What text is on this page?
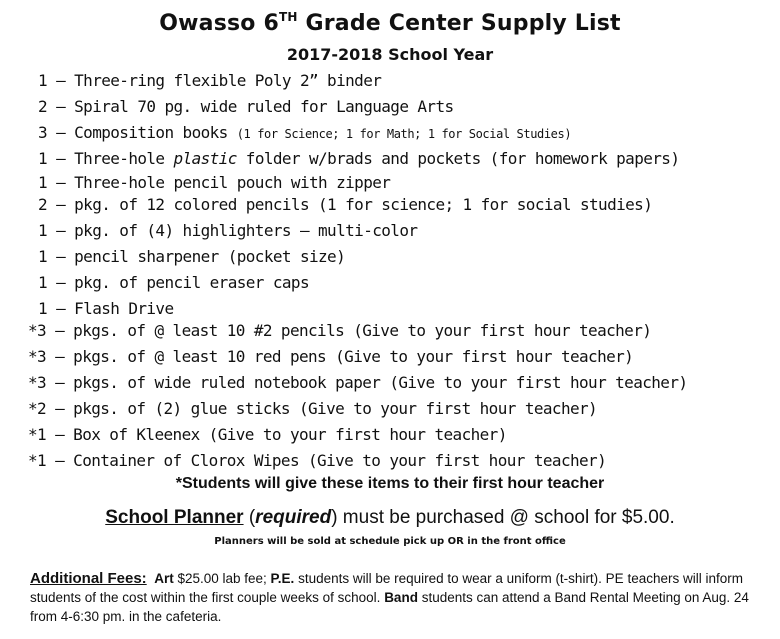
Owasso 6TH Grade Center Supply List
2017-2018 School Year
1 – Three-ring flexible Poly 2” binder
2 – Spiral 70 pg. wide ruled for Language Arts
3 – Composition books (1 for Science; 1 for Math; 1 for Social Studies)
1 – Three-hole plastic folder w/brads and pockets (for homework papers)
1 – Three-hole pencil pouch with zipper
2 – pkg. of 12 colored pencils (1 for science; 1 for social studies)
1 – pkg. of (4) highlighters – multi-color
1 – pencil sharpener (pocket size)
1 – pkg. of pencil eraser caps
1 – Flash Drive
*3 – pkgs. of @ least 10 #2 pencils (Give to your first hour teacher)
*3 – pkgs. of @ least 10 red pens (Give to your first hour teacher)
*3 – pkgs. of wide ruled notebook paper (Give to your first hour teacher)
*2 – pkgs. of (2) glue sticks (Give to your first hour teacher)
*1 – Box of Kleenex (Give to your first hour teacher)
*1 – Container of Clorox Wipes (Give to your first hour teacher)
*Students will give these items to their first hour teacher
School Planner (required) must be purchased @ school for $5.00.
Planners will be sold at schedule pick up OR in the front office
Additional Fees: Art $25.00 lab fee; P.E. students will be required to wear a uniform (t-shirt). PE teachers will inform students of the cost within the first couple weeks of school. Band students can attend a Band Rental Meeting on Aug. 24 from 4-6:30 pm. in the cafeteria.
